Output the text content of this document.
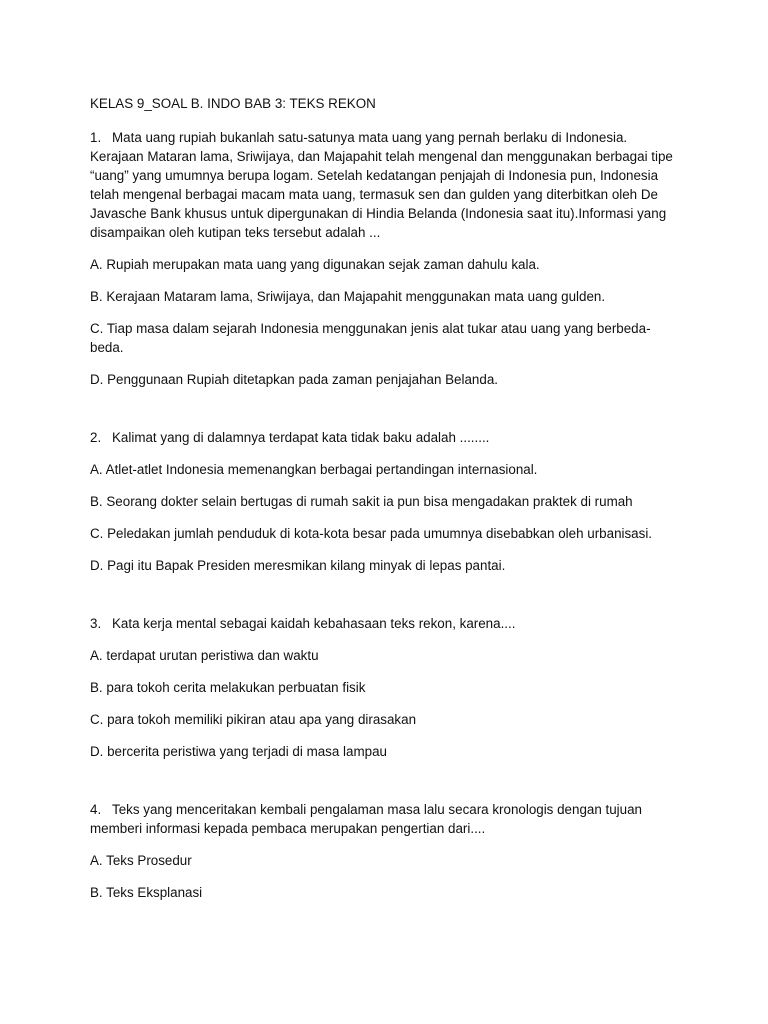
KELAS 9_SOAL B. INDO BAB 3: TEKS REKON

1. Mata uang rupiah bukanlah satu-satunya mata uang yang pernah berlaku di Indonesia. Kerajaan Mataran lama, Sriwijaya, dan Majapahit telah mengenal dan menggunakan berbagai tipe “uang” yang umumnya berupa logam. Setelah kedatangan penjajah di Indonesia pun, Indonesia telah mengenal berbagai macam mata uang, termasuk sen dan gulden yang diterbitkan oleh De Javasche Bank khusus untuk dipergunakan di Hindia Belanda (Indonesia saat itu).Informasi yang disampaikan oleh kutipan teks tersebut adalah ...

A. Rupiah merupakan mata uang yang digunakan sejak zaman dahulu kala.

B. Kerajaan Mataram lama, Sriwijaya, dan Majapahit menggunakan mata uang gulden.

C. Tiap masa dalam sejarah Indonesia menggunakan jenis alat tukar atau uang yang berbeda-beda.

D. Penggunaan Rupiah ditetapkan pada zaman penjajahan Belanda.

2. Kalimat yang di dalamnya terdapat kata tidak baku adalah ........

A. Atlet-atlet Indonesia memenangkan berbagai pertandingan internasional.

B. Seorang dokter selain bertugas di rumah sakit ia pun bisa mengadakan praktek di rumah

C. Peledakan jumlah penduduk di kota-kota besar pada umumnya disebabkan oleh urbanisasi.

D. Pagi itu Bapak Presiden meresmikan kilang minyak di lepas pantai.

3. Kata kerja mental sebagai kaidah kebahasaan teks rekon, karena....

A. terdapat urutan peristiwa dan waktu

B. para tokoh cerita melakukan perbuatan fisik

C. para tokoh memiliki pikiran atau apa yang dirasakan

D. bercerita peristiwa yang terjadi di masa lampau

4. Teks yang menceritakan kembali pengalaman masa lalu secara kronologis dengan tujuan memberi informasi kepada pembaca merupakan pengertian dari....

A. Teks Prosedur

B. Teks Eksplanasi
